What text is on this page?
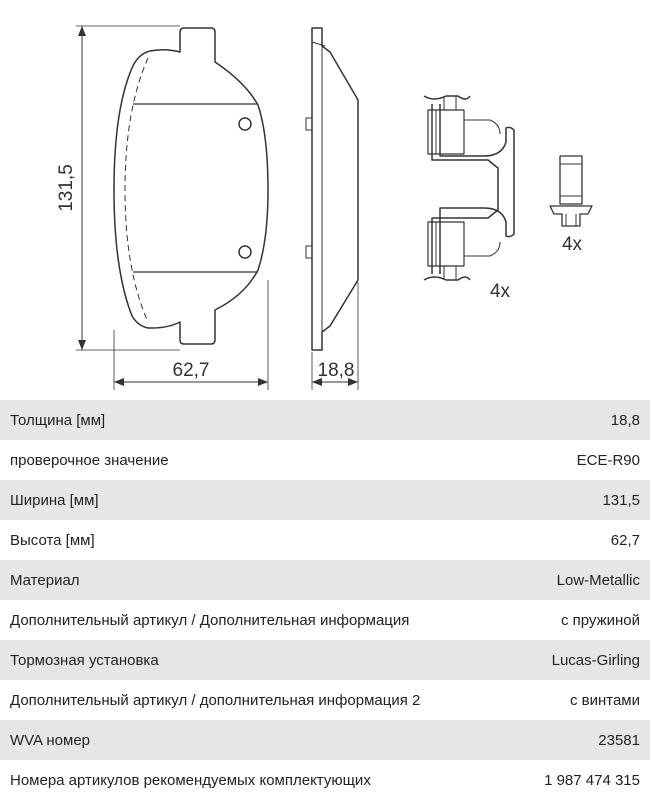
131,5
62,7	18,8
4x
4x
Толщина [мм]	18,8
проверочное значение	ECE-R90
Ширина [мм]	131,5
Высота [мм]	62,7
Материал	Low-Metallic
Дополнительный артикул / Дополнительная информация	с пружиной
Тормозная установка	Lucas-Girling
Дополнительный артикул / дополнительная информация 2	с винтами
WVA номер	23581
Номера артикулов рекомендуемых комплектующих	1 987 474 315
